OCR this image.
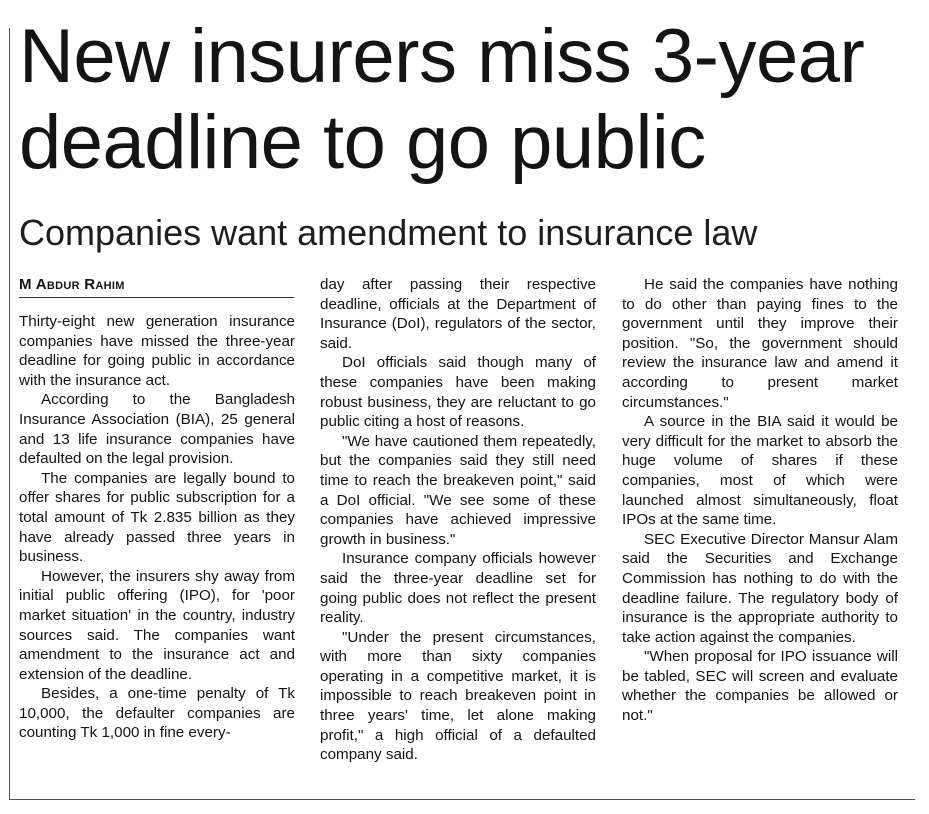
New insurers miss 3-year deadline to go public
Companies want amendment to insurance law
M Abdur Rahim

Thirty-eight new generation insurance companies have missed the three-year deadline for going public in accordance with the insurance act.

According to the Bangladesh Insurance Association (BIA), 25 general and 13 life insurance companies have defaulted on the legal provision.

The companies are legally bound to offer shares for public subscription for a total amount of Tk 2.835 billion as they have already passed three years in business.

However, the insurers shy away from initial public offering (IPO), for 'poor market situation' in the country, industry sources said. The companies want amendment to the insurance act and extension of the deadline.

Besides, a one-time penalty of Tk 10,000, the defaulter companies are counting Tk 1,000 in fine every-

day after passing their respective deadline, officials at the Department of Insurance (DoI), regulators of the sector, said.

DoI officials said though many of these companies have been making robust business, they are reluctant to go public citing a host of reasons.

"We have cautioned them repeatedly, but the companies said they still need time to reach the breakeven point," said a DoI official. "We see some of these companies have achieved impressive growth in business."

Insurance company officials however said the three-year deadline set for going public does not reflect the present reality.

"Under the present circumstances, with more than sixty companies operating in a competitive market, it is impossible to reach breakeven point in three years' time, let alone making profit," a high official of a defaulted company said.

He said the companies have nothing to do other than paying fines to the government until they improve their position. "So, the government should review the insurance law and amend it according to present market circumstances."

A source in the BIA said it would be very difficult for the market to absorb the huge volume of shares if these companies, most of which were launched almost simultaneously, float IPOs at the same time.

SEC Executive Director Mansur Alam said the Securities and Exchange Commission has nothing to do with the deadline failure. The regulatory body of insurance is the appropriate authority to take action against the companies.

"When proposal for IPO issuance will be tabled, SEC will screen and evaluate whether the companies be allowed or not."
